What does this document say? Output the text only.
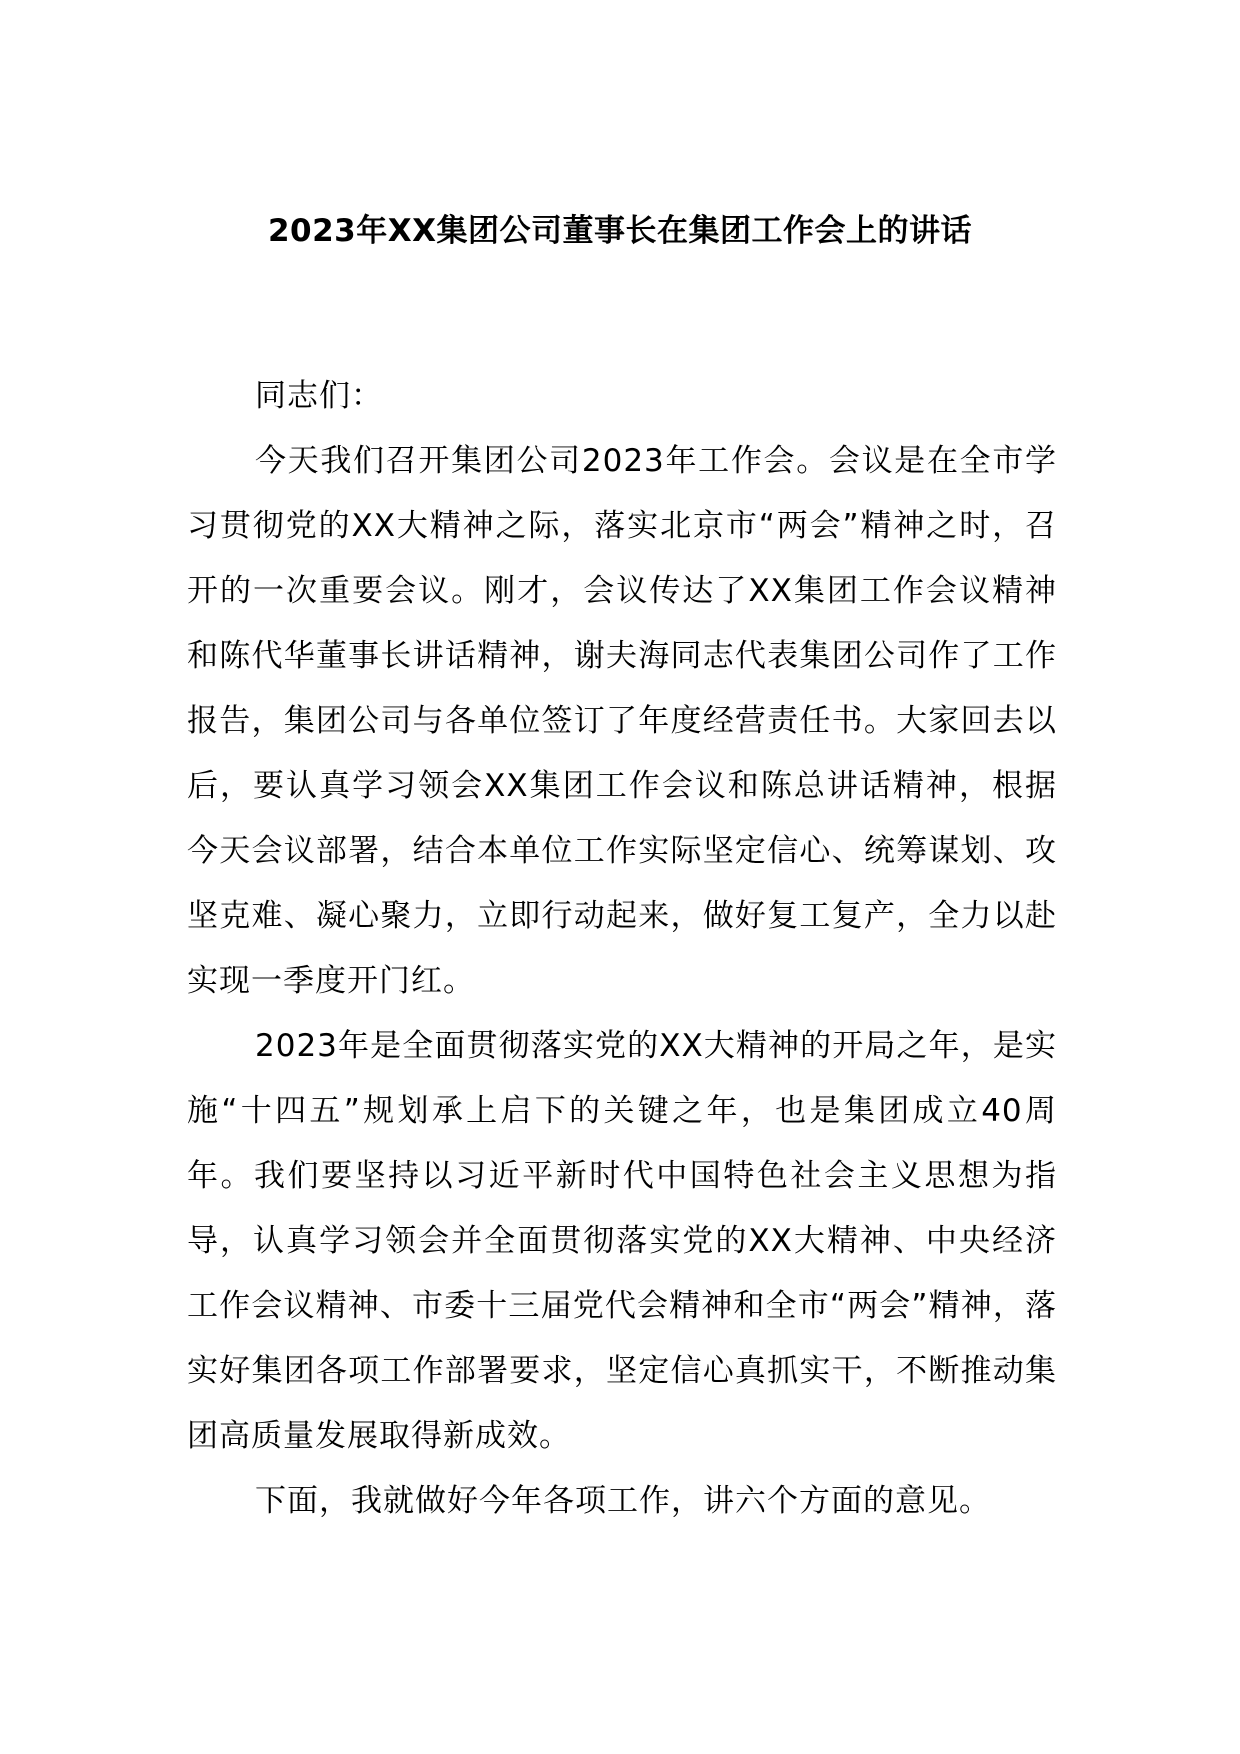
2023年XX集团公司董事长在集团工作会上的讲话

同志们：

今天我们召开集团公司2023年工作会。会议是在全市学习贯彻党的XX大精神之际，落实北京市“两会”精神之时，召开的一次重要会议。刚才，会议传达了XX集团工作会议精神和陈代华董事长讲话精神，谢夫海同志代表集团公司作了工作报告，集团公司与各单位签订了年度经营责任书。大家回去以后，要认真学习领会XX集团工作会议和陈总讲话精神，根据今天会议部署，结合本单位工作实际坚定信心、统筹谋划、攻坚克难、凝心聚力，立即行动起来，做好复工复产，全力以赴实现一季度开门红。

2023年是全面贯彻落实党的XX大精神的开局之年，是实施“十四五”规划承上启下的关键之年，也是集团成立40周年。我们要坚持以习近平新时代中国特色社会主义思想为指导，认真学习领会并全面贯彻落实党的XX大精神、中央经济工作会议精神、市委十三届党代会精神和全市“两会”精神，落实好集团各项工作部署要求，坚定信心真抓实干，不断推动集团高质量发展取得新成效。

下面，我就做好今年各项工作，讲六个方面的意见。
